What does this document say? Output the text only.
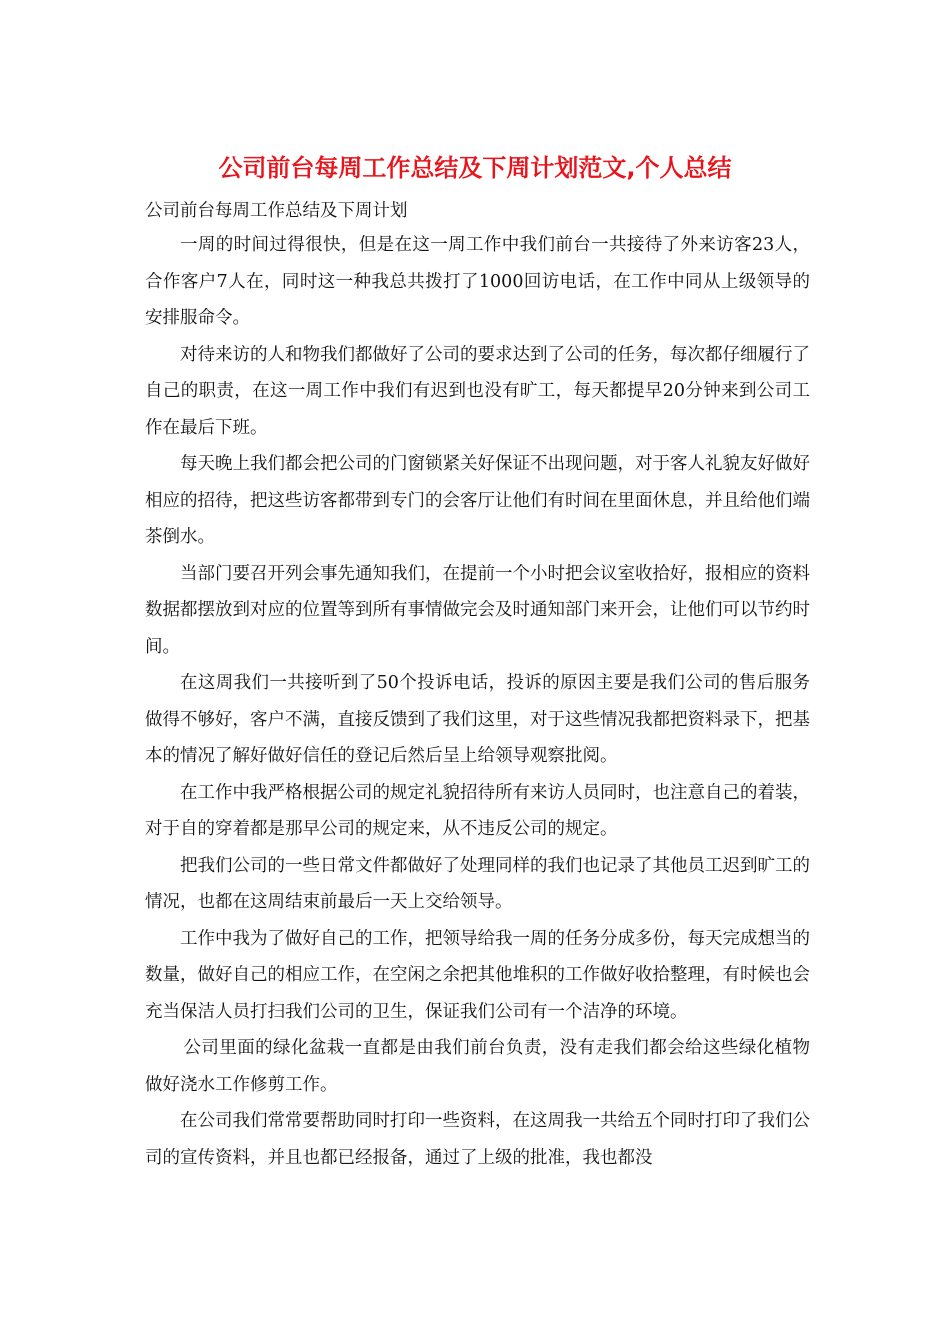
公司前台每周工作总结及下周计划范文,个人总结

公司前台每周工作总结及下周计划

一周的时间过得很快，但是在这一周工作中我们前台一共接待了外来访客23人，合作客户7人在，同时这一种我总共拨打了1000回访电话，在工作中同从上级领导的安排服命令。

对待来访的人和物我们都做好了公司的要求达到了公司的任务，每次都仔细履行了自己的职责，在这一周工作中我们有迟到也没有旷工，每天都提早20分钟来到公司工作在最后下班。

每天晚上我们都会把公司的门窗锁紧关好保证不出现问题，对于客人礼貌友好做好相应的招待，把这些访客都带到专门的会客厅让他们有时间在里面休息，并且给他们端茶倒水。

当部门要召开列会事先通知我们，在提前一个小时把会议室收拾好，报相应的资料数据都摆放到对应的位置等到所有事情做完会及时通知部门来开会，让他们可以节约时间。

在这周我们一共接听到了50个投诉电话，投诉的原因主要是我们公司的售后服务做得不够好，客户不满，直接反馈到了我们这里，对于这些情况我都把资料录下，把基本的情况了解好做好信任的登记后然后呈上给领导观察批阅。

在工作中我严格根据公司的规定礼貌招待所有来访人员同时，也注意自己的着装，对于自的穿着都是那早公司的规定来，从不违反公司的规定。

把我们公司的一些日常文件都做好了处理同样的我们也记录了其他员工迟到旷工的情况，也都在这周结束前最后一天上交给领导。

工作中我为了做好自己的工作，把领导给我一周的任务分成多份，每天完成想当的数量，做好自己的相应工作，在空闲之余把其他堆积的工作做好收拾整理，有时候也会充当保洁人员打扫我们公司的卫生，保证我们公司有一个洁净的环境。

公司里面的绿化盆栽一直都是由我们前台负责，没有走我们都会给这些绿化植物做好浇水工作修剪工作。

在公司我们常常要帮助同时打印一些资料，在这周我一共给五个同时打印了我们公司的宣传资料，并且也都已经报备，通过了上级的批准，我也都没
